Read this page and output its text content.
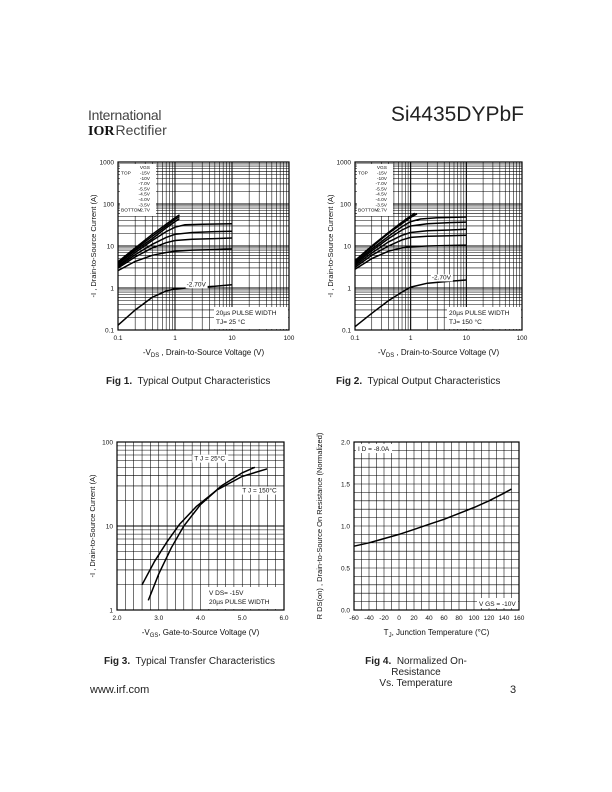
International
IORRectifier
Si4435DYPbF
0.1	1	10	100
0.1
1
10
100
1000
$-V_{DS}$ , Drain-to-Source Voltage (V)
-I , Drain-to-Source Current (A)
VGS
-15V
-10V
-7.0V
-5.5V
-4.5V
-4.0V
-3.5V
-2.7V
TOP
BOTTOM
-2.70V
20µs PULSE WIDTH
TJ= 25 °C
Fig 1. Typical Output Characteristics
0.1	1	10	100
0.1
1
10
100
1000
$-V_{DS}$ , Drain-to-Source Voltage (V)
-I , Drain-to-Source Current (A)
VGS
-15V
-10V
-7.0V
-5.5V
-4.5V
-4.0V
-3.5V
-2.7V
TOP
BOTTOM
-2.70V
20µs PULSE WIDTH
TJ= 150 °C
Fig 2. Typical Output Characteristics
2.0	3.0	4.0	5.0	6.0
1
10
100
$-V_{GS}$, Gate-to-Source Voltage (V)
-I , Drain-to-Source Current (A)
T J = 25°C
T J = 150°C
V DS= -15V
20µs PULSE WIDTH
Fig 3. Typical Transfer Characteristics
-60 -40 -20 0 20 40 60 80 100 120 140 160
0.0
0.5
1.0
1.5
2.0
$T_J$, Junction Temperature (°C)
R DS(on) , Drain-to-Source On Resistance (Normalized)	I D = -8.0A
V GS = -10V
Fig 4. Normalized On-Resistance
Vs. Temperature
www.irf.com	3
